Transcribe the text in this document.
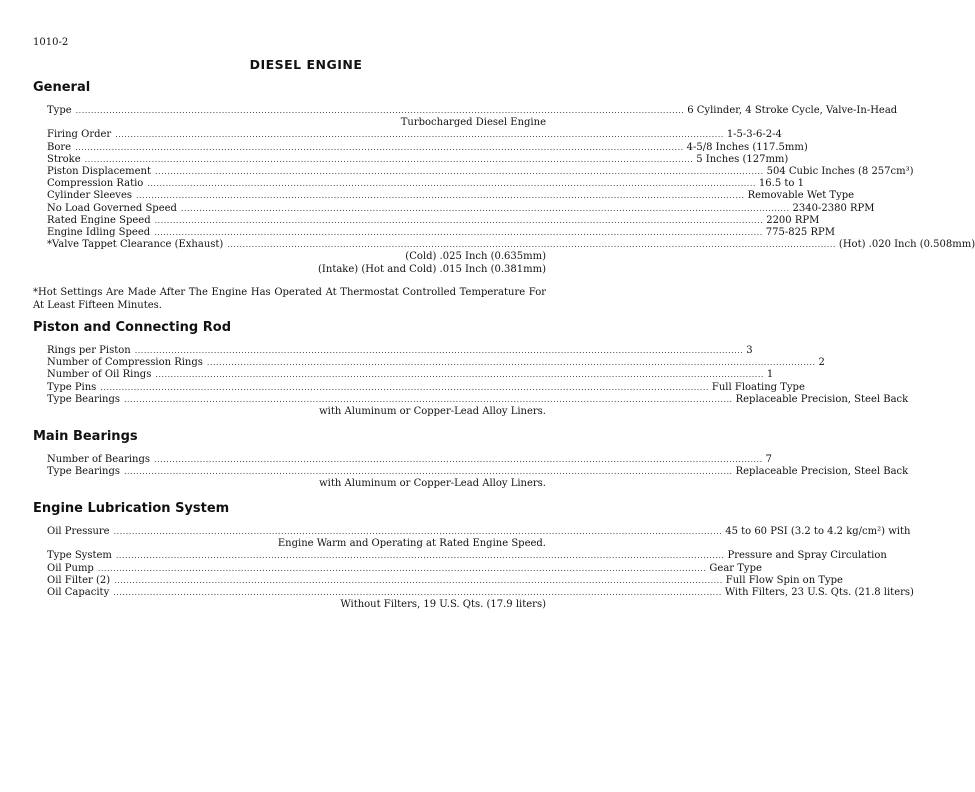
1010-2
DIESEL ENGINE
General
Type ........................................................................................................................................................................................................ 6 Cylinder, 4 Stroke Cycle, Valve-In-Head
Turbocharged Diesel Engine
Firing Order ........................................................................................................................................................................................................ 1-5-3-6-2-4
Bore ........................................................................................................................................................................................................ 4-5/8 Inches (117.5mm)
Stroke ........................................................................................................................................................................................................ 5 Inches (127mm)
Piston Displacement ........................................................................................................................................................................................................ 504 Cubic Inches (8 257cm³)
Compression Ratio ........................................................................................................................................................................................................ 16.5 to 1
Cylinder Sleeves ........................................................................................................................................................................................................ Removable Wet Type
No Load Governed Speed ........................................................................................................................................................................................................ 2340-2380 RPM
Rated Engine Speed ........................................................................................................................................................................................................ 2200 RPM
Engine Idling Speed ........................................................................................................................................................................................................ 775-825 RPM
*Valve Tappet Clearance (Exhaust) ........................................................................................................................................................................................................ (Hot) .020 Inch (0.508mm)
(Cold) .025 Inch (0.635mm)
(Intake) (Hot and Cold) .015 Inch (0.381mm)
*Hot Settings Are Made After The Engine Has Operated At Thermostat Controlled Temperature For At Least Fifteen Minutes.
Piston and Connecting Rod
Rings per Piston ........................................................................................................................................................................................................ 3
Number of Compression Rings ........................................................................................................................................................................................................ 2
Number of Oil Rings ........................................................................................................................................................................................................ 1
Type Pins ........................................................................................................................................................................................................ Full Floating Type
Type Bearings ........................................................................................................................................................................................................ Replaceable Precision, Steel Back
with Aluminum or Copper-Lead Alloy Liners.
Main Bearings
Number of Bearings ........................................................................................................................................................................................................ 7
Type Bearings ........................................................................................................................................................................................................ Replaceable Precision, Steel Back
with Aluminum or Copper-Lead Alloy Liners.
Engine Lubrication System
Oil Pressure ........................................................................................................................................................................................................ 45 to 60 PSI (3.2 to 4.2 kg/cm²) with
Engine Warm and Operating at Rated Engine Speed.
Type System ........................................................................................................................................................................................................ Pressure and Spray Circulation
Oil Pump ........................................................................................................................................................................................................ Gear Type
Oil Filter (2) ........................................................................................................................................................................................................ Full Flow Spin on Type
Oil Capacity ........................................................................................................................................................................................................ With Filters, 23 U.S. Qts. (21.8 liters)
Without Filters, 19 U.S. Qts. (17.9 liters)
